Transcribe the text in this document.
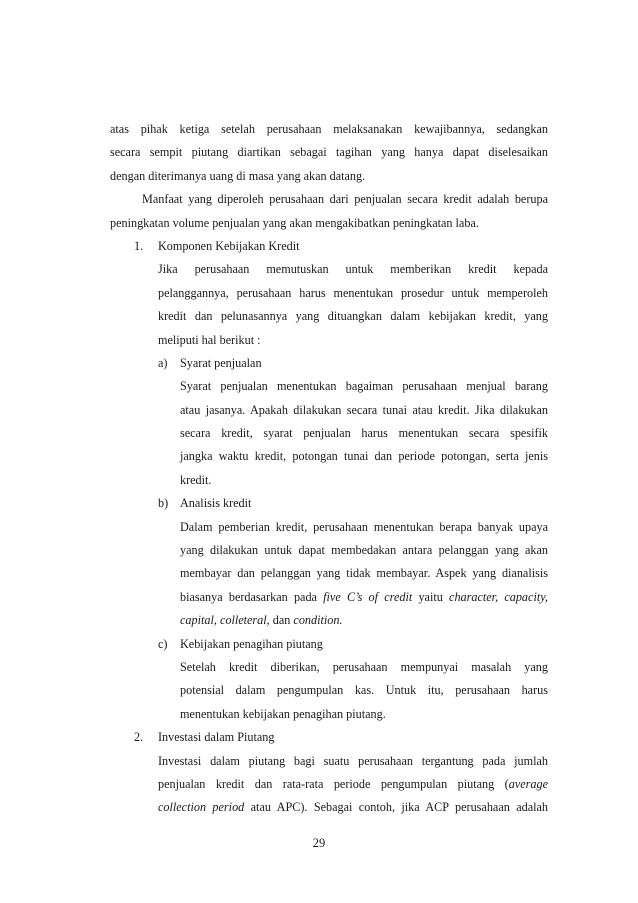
atas pihak ketiga setelah perusahaan melaksanakan kewajibannya, sedangkan
secara sempit piutang diartikan sebagai tagihan yang hanya dapat diselesaikan
dengan diterimanya uang di masa yang akan datang.
Manfaat yang diperoleh perusahaan dari penjualan secara kredit adalah berupa
peningkatan volume penjualan yang akan mengakibatkan peningkatan laba.
1. Komponen Kebijakan Kredit
Jika perusahaan memutuskan untuk memberikan kredit kepada
pelanggannya, perusahaan harus menentukan prosedur untuk memperoleh
kredit dan pelunasannya yang dituangkan dalam kebijakan kredit, yang
meliputi hal berikut :
a) Syarat penjualan
Syarat penjualan menentukan bagaiman perusahaan menjual barang
atau jasanya. Apakah dilakukan secara tunai atau kredit. Jika dilakukan
secara kredit, syarat penjualan harus menentukan secara spesifik
jangka waktu kredit, potongan tunai dan periode potongan, serta jenis
kredit.
b) Analisis kredit
Dalam pemberian kredit, perusahaan menentukan berapa banyak upaya
yang dilakukan untuk dapat membedakan antara pelanggan yang akan
membayar dan pelanggan yang tidak membayar. Aspek yang dianalisis
biasanya berdasarkan pada five C’s of credit yaitu character, capacity,
capital, colleteral, dan condition.
c) Kebijakan penagihan piutang
Setelah kredit diberikan, perusahaan mempunyai masalah yang
potensial dalam pengumpulan kas. Untuk itu, perusahaan harus
menentukan kebijakan penagihan piutang.
2. Investasi dalam Piutang
Investasi dalam piutang bagi suatu perusahaan tergantung pada jumlah
penjualan kredit dan rata-rata periode pengumpulan piutang (average
collection period atau APC). Sebagai contoh, jika ACP perusahaan adalah
29
